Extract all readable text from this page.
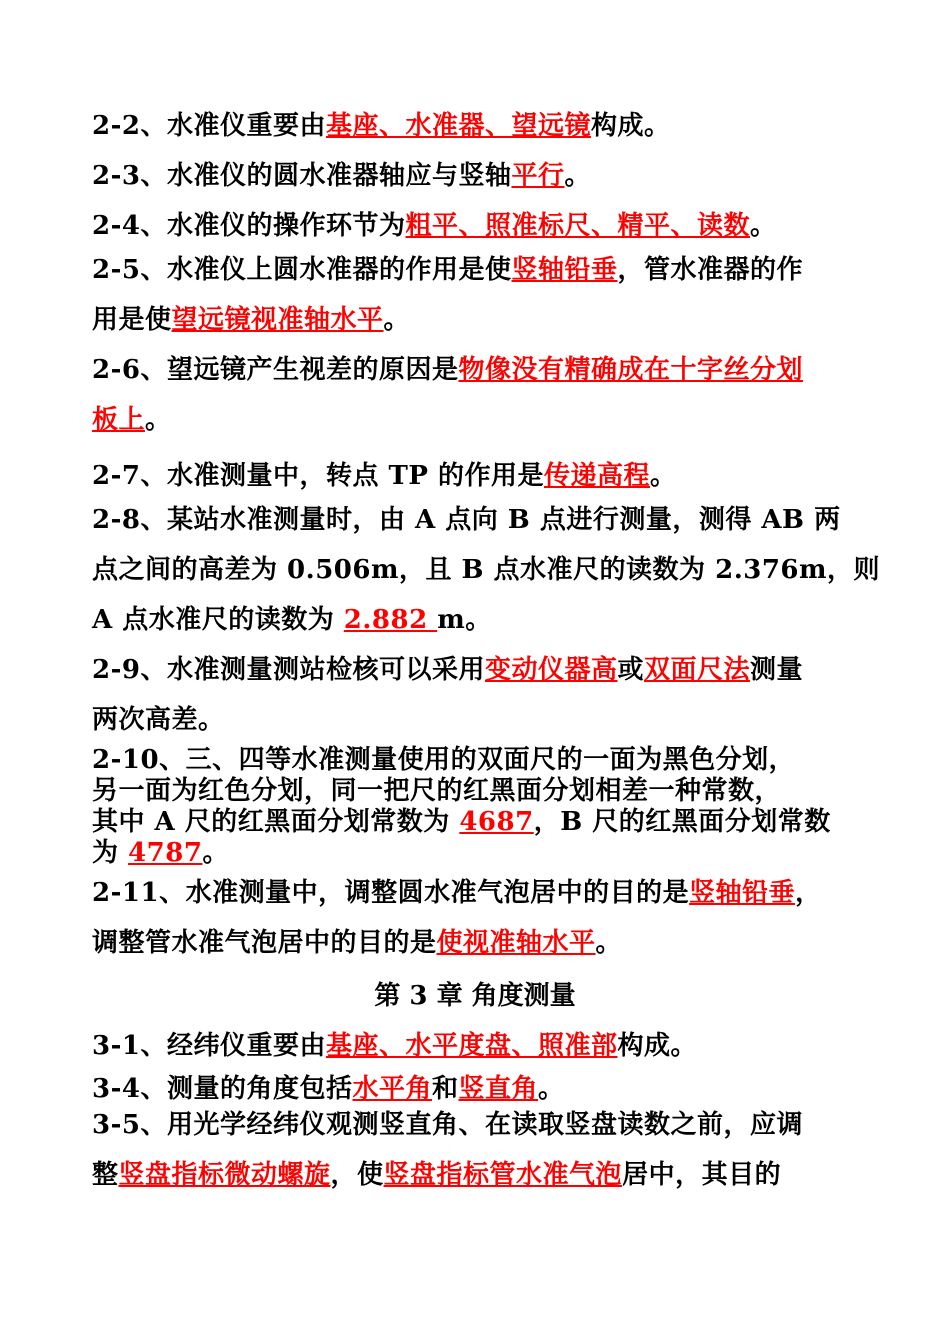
2-2、水准仪重要由基座、水准器、望远镜构成。
2-3、水准仪的圆水准器轴应与竖轴平行。
2-4、水准仪的操作环节为粗平、照准标尺、精平、读数。
2-5、水准仪上圆水准器的作用是使竖轴铅垂，管水准器的作
用是使望远镜视准轴水平。
2-6、望远镜产生视差的原因是物像没有精确成在十字丝分划
板上。
2-7、水准测量中，转点 TP 的作用是传递高程。
2-8、某站水准测量时，由 A 点向 B 点进行测量，测得 AB 两
点之间的高差为 0.506m，且 B 点水准尺的读数为 2.376m，则
A 点水准尺的读数为 2.882 m。
2-9、水准测量测站检核可以采用变动仪器高或双面尺法测量
两次高差。
2-10、三、四等水准测量使用的双面尺的一面为黑色分划，
另一面为红色分划，同一把尺的红黑面分划相差一种常数，
其中 A 尺的红黑面分划常数为 4687，B 尺的红黑面分划常数
为 4787。
2-11、水准测量中，调整圆水准气泡居中的目的是竖轴铅垂，
调整管水准气泡居中的目的是使视准轴水平。
第 3 章 角度测量
3-1、经纬仪重要由基座、水平度盘、照准部构成。
3-4、测量的角度包括水平角和竖直角。
3-5、用光学经纬仪观测竖直角、在读取竖盘读数之前，应调
整竖盘指标微动螺旋，使竖盘指标管水准气泡居中，其目的
